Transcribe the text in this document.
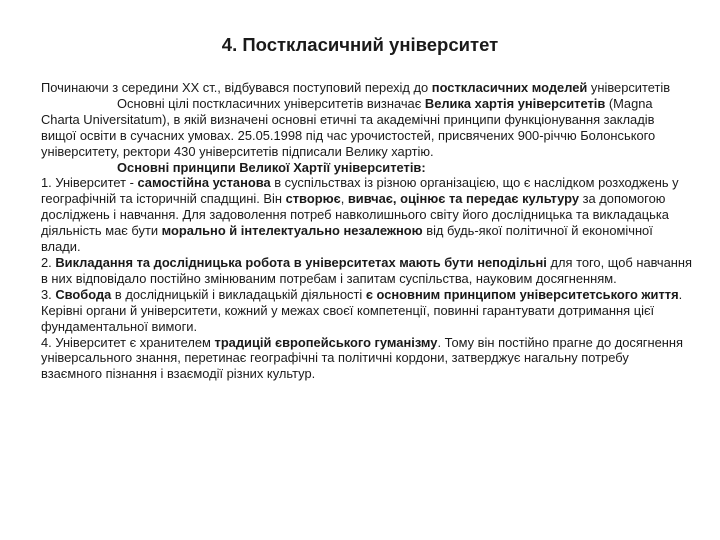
4. Посткласичний університет

Починаючи з середини XX ст., відбувався поступовий перехід до посткласичних моделей університетів

Основні цілі посткласичних університетів визначає Велика хартія університетів (Magna Charta Universitatum), в якій визначені основні етичні та академічні принципи функціонування закладів вищої освіти в сучасних умовах. 25.05.1998 під час урочистостей, присвячених 900-річчю Болонського університету, ректори 430 університетів підписали Велику хартію.

Основні принципи Великої Хартії університетів:

1. Університет - самостійна установа в суспільствах із різною організацією, що є наслідком розходжень у географічній та історичній спадщині. Він створює, вивчає, оцінює та передає культуру за допомогою досліджень і навчання. Для задоволення потреб навколишнього світу його дослідницька та викладацька діяльність має бути морально й інтелектуально незалежною від будь-якої політичної й економічної влади.

2. Викладання та дослідницька робота в університетах мають бути неподільні для того, щоб навчання в них відповідало постійно змінюваним потребам і запитам суспільства, науковим досягненням.

3. Свобода в дослідницькій і викладацькій діяльності є основним принципом університетського життя. Керівні органи й університети, кожний у межах своєї компетенції, повинні гарантувати дотримання цієї фундаментальної вимоги.

4. Університет є хранителем традицій європейського гуманізму. Тому він постійно прагне до досягнення універсального знання, перетинає географічні та політичні кордони, затверджує нагальну потребу взаємного пізнання і взаємодії різних культур.
